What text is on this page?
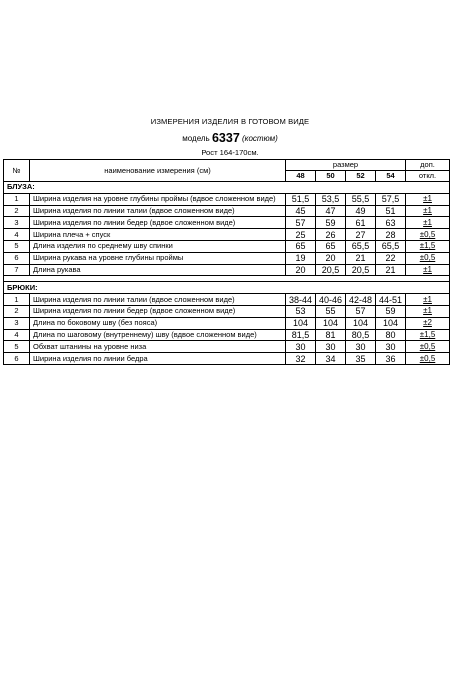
ИЗМЕРЕНИЯ ИЗДЕЛИЯ В ГОТОВОМ ВИДЕ
модель 6337 (костюм)
Рост 164-170см.
№	наименование измерения (см)	размер				доп.
		48	50	52	54	откл.
БЛУЗА:						
1	Ширина изделия на уровне глубины проймы (вдвое сложенном виде)	51,5	53,5	55,5	57,5	±1
2	Ширина изделия по линии талии (вдвое сложенном виде)	45	47	49	51	±1
3	Ширина изделия по линии бедер (вдвое сложенном виде)	57	59	61	63	±1
4	Ширина плеча + спуск	25	26	27	28	±0,5
5	Длина изделия по среднему шву спинки	65	65	65,5	65,5	±1,5
6	Ширина рукава на уровне глубины проймы	19	20	21	22	±0,5
7	Длина рукава	20	20,5	20,5	21	±1

БРЮКИ:						
1	Ширина изделия по линии талии (вдвое сложенном виде)	38-44	40-46	42-48	44-51	±1
2	Ширина изделия по линии бедер (вдвое сложенном виде)	53	55	57	59	±1
3	Длина по боковому шву (без пояса)	104	104	104	104	±2
4	Длина по шаговому (внутреннему) шву (вдвое сложенном виде)	81,5	81	80,5	80	±1,5
5	Обхват штанины на уровне низа	30	30	30	30	±0,5
6	Ширина изделия по линии бедра	32	34	35	36	±0,5
